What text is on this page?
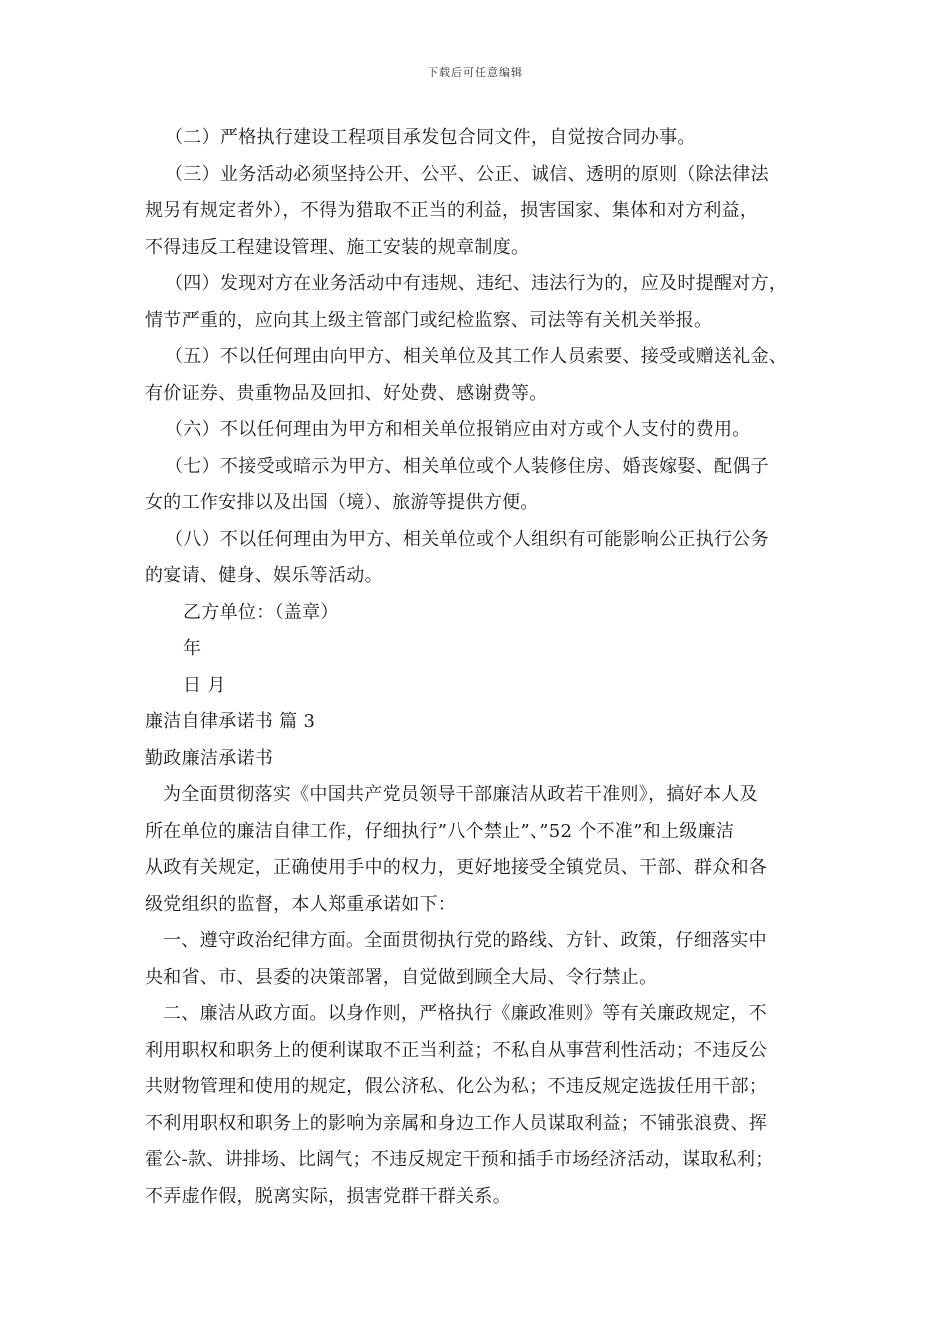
下载后可任意编辑
（二）严格执行建设工程项目承发包合同文件，自觉按合同办事。
（三）业务活动必须坚持公开、公平、公正、诚信、透明的原则（除法律法
规另有规定者外），不得为猎取不正当的利益，损害国家、集体和对方利益，
不得违反工程建设管理、施工安装的规章制度。
（四）发现对方在业务活动中有违规、违纪、违法行为的，应及时提醒对方，
情节严重的，应向其上级主管部门或纪检监察、司法等有关机关举报。
（五）不以任何理由向甲方、相关单位及其工作人员索要、接受或赠送礼金、
有价证券、贵重物品及回扣、好处费、感谢费等。
（六）不以任何理由为甲方和相关单位报销应由对方或个人支付的费用。
（七）不接受或暗示为甲方、相关单位或个人装修住房、婚丧嫁娶、配偶子
女的工作安排以及出国（境）、旅游等提供方便。
（八）不以任何理由为甲方、相关单位或个人组织有可能影响公正执行公务
的宴请、健身、娱乐等活动。
乙方单位：（盖章）
年
日 月
廉洁自律承诺书 篇 3
勤政廉洁承诺书
为全面贯彻落实《中国共产党员领导干部廉洁从政若干准则》，搞好本人及
所在单位的廉洁自律工作，仔细执行”八个禁止”、”52 个不准”和上级廉洁
从政有关规定，正确使用手中的权力，更好地接受全镇党员、干部、群众和各
级党组织的监督，本人郑重承诺如下：
一、遵守政治纪律方面。全面贯彻执行党的路线、方针、政策，仔细落实中
央和省、市、县委的决策部署，自觉做到顾全大局、令行禁止。
二、廉洁从政方面。以身作则，严格执行《廉政准则》等有关廉政规定，不
利用职权和职务上的便利谋取不正当利益；不私自从事营利性活动；不违反公
共财物管理和使用的规定，假公济私、化公为私；不违反规定选拔任用干部；
不利用职权和职务上的影响为亲属和身边工作人员谋取利益；不铺张浪费、挥
霍公-款、讲排场、比阔气；不违反规定干预和插手市场经济活动，谋取私利；
不弄虚作假，脱离实际，损害党群干群关系。
